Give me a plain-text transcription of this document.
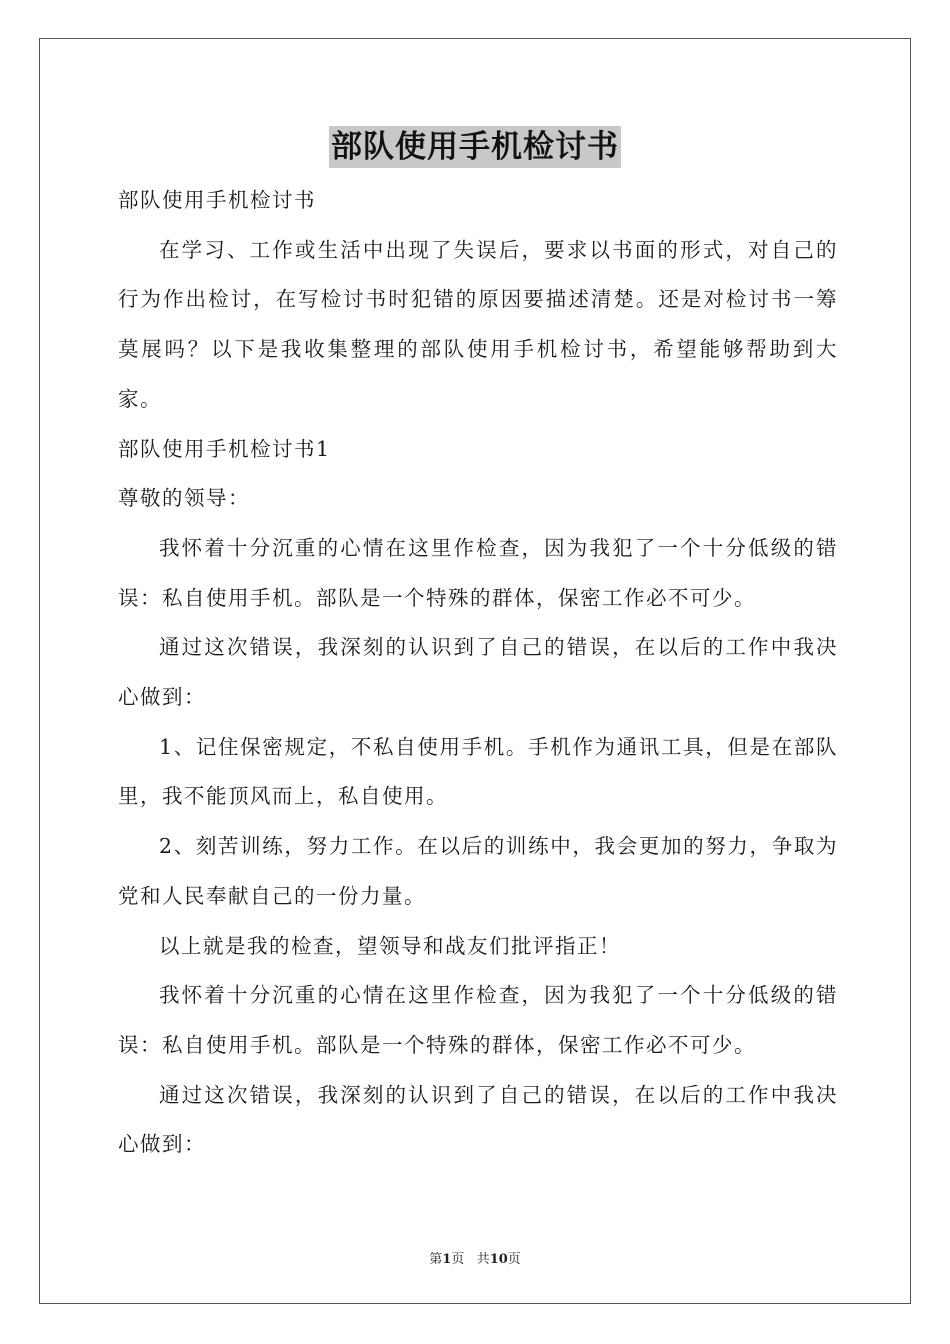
部队使用手机检讨书

部队使用手机检讨书

在学习、工作或生活中出现了失误后，要求以书面的形式，对自己的行为作出检讨，在写检讨书时犯错的原因要描述清楚。还是对检讨书一筹莫展吗？以下是我收集整理的部队使用手机检讨书，希望能够帮助到大家。

部队使用手机检讨书1

尊敬的领导：

我怀着十分沉重的心情在这里作检查，因为我犯了一个十分低级的错误：私自使用手机。部队是一个特殊的群体，保密工作必不可少。

通过这次错误，我深刻的认识到了自己的错误，在以后的工作中我决心做到：

1、记住保密规定，不私自使用手机。手机作为通讯工具，但是在部队里，我不能顶风而上，私自使用。

2、刻苦训练，努力工作。在以后的训练中，我会更加的努力，争取为党和人民奉献自己的一份力量。

以上就是我的检查，望领导和战友们批评指正！

我怀着十分沉重的心情在这里作检查，因为我犯了一个十分低级的错误：私自使用手机。部队是一个特殊的群体，保密工作必不可少。

通过这次错误，我深刻的认识到了自己的错误，在以后的工作中我决心做到：

第1页 共10页
